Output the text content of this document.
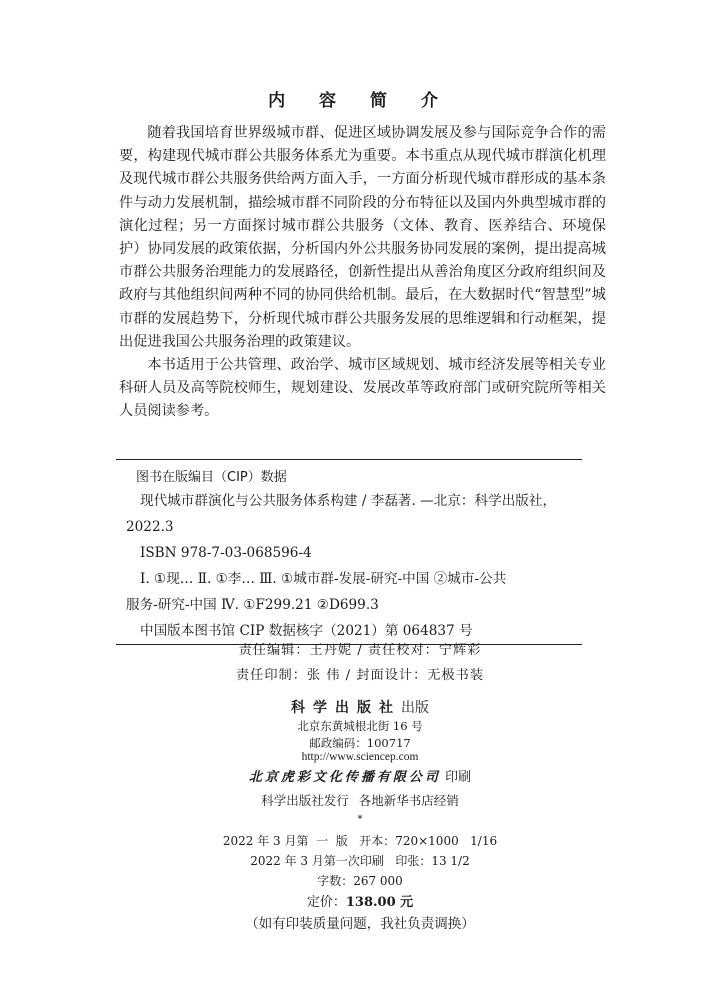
内 容 简 介

随着我国培育世界级城市群、促进区域协调发展及参与国际竞争合作的需要，构建现代城市群公共服务体系尤为重要。本书重点从现代城市群演化机理及现代城市群公共服务供给两方面入手，一方面分析现代城市群形成的基本条件与动力发展机制，描绘城市群不同阶段的分布特征以及国内外典型城市群的演化过程；另一方面探讨城市群公共服务（文体、教育、医养结合、环境保护）协同发展的政策依据，分析国内外公共服务协同发展的案例，提出提高城市群公共服务治理能力的发展路径，创新性提出从善治角度区分政府组织间及政府与其他组织间两种不同的协同供给机制。最后，在大数据时代“智慧型”城市群的发展趋势下，分析现代城市群公共服务发展的思维逻辑和行动框架，提出促进我国公共服务治理的政策建议。

本书适用于公共管理、政治学、城市区域规划、城市经济发展等相关专业科研人员及高等院校师生，规划建设、发展改革等政府部门或研究院所等相关人员阅读参考。

图书在版编目（CIP）数据
现代城市群演化与公共服务体系构建 / 李磊著. —北京：科学出版社，
2022.3
ISBN 978-7-03-068596-4
Ⅰ. ①现… Ⅱ. ①李… Ⅲ. ①城市群-发展-研究-中国 ②城市-公共
服务-研究-中国 Ⅳ. ①F299.21 ②D699.3
中国版本图书馆 CIP 数据核字（2021）第 064837 号
责任编辑：王丹妮 / 责任校对：宁辉彩
责任印制：张 伟 / 封面设计：无极书装
科学出版社出版
北京东黄城根北街 16 号
邮政编码：100717
http://www.sciencep.com
北京虎彩文化传播有限公司 印刷
科学出版社发行 各地新华书店经销
*
2022 年 3 月第  一  版   开本：720×1000   1/16
2022 年 3 月第一次印刷   印张：13 1/2
字数：267 000
定价：138.00 元
（如有印装质量问题，我社负责调换）
